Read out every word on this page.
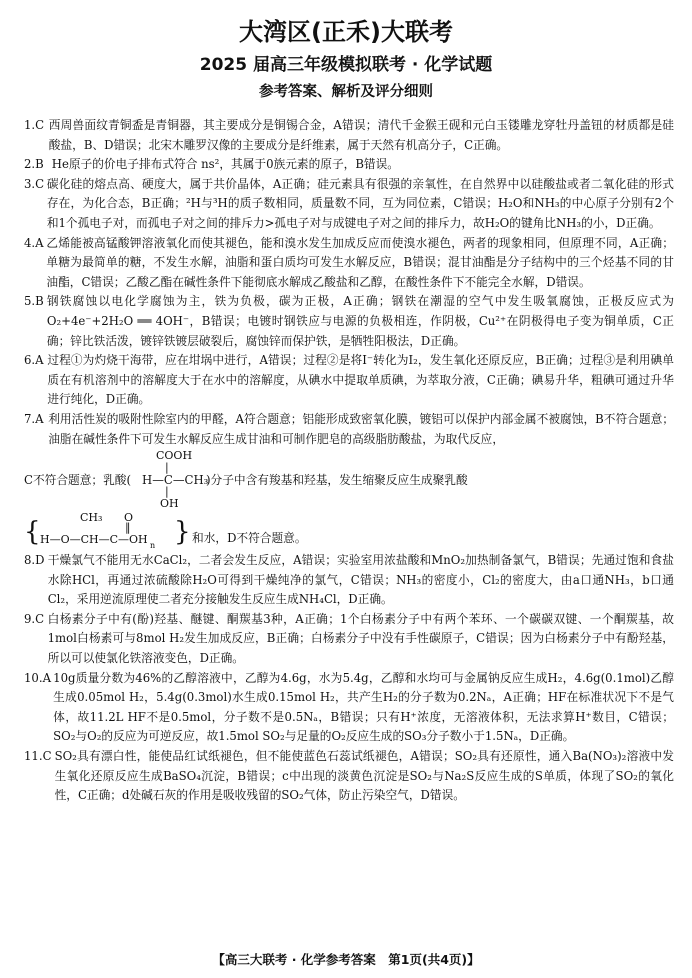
大湾区(正禾)大联考
2025 届高三年级模拟联考 · 化学试题
参考答案、解析及评分细则
1.C 西周兽面纹青铜盉是青铜器，其主要成分是铜锡合金，A错误；清代千金猴王砚和元白玉镂雕龙穿牡丹盖钮的材质都是硅酸盐，B、D错误；北宋木雕罗汉像的主要成分是纤维素，属于天然有机高分子，C正确。
2.B He原子的价电子排布式符合 ns²，其属于0族元素的原子，B错误。
3.C 碳化硅的熔点高、硬度大，属于共价晶体，A正确；硅元素具有很强的亲氧性，在自然界中以硅酸盐或者二氧化硅的形式存在，为化合态，B正确；²H与³H的质子数相同，质量数不同，互为同位素，C错误；H₂O和NH₃的中心原子分别有2个和1个孤电子对，而孤电子对之间的排斥力>孤电子对与成键电子对之间的排斥力，故H₂O的键角比NH₃的小，D正确。
4.A 乙烯能被高锰酸钾溶液氧化而使其褪色，能和溴水发生加成反应而使溴水褪色，两者的现象相同，但原理不同，A正确；单糖为最简单的糖，不发生水解，油脂和蛋白质均可发生水解反应，B错误；混甘油酯是分子结构中的三个烃基不同的甘油酯，C错误；乙酸乙酯在碱性条件下能彻底水解成乙酸盐和乙醇，在酸性条件下不能完全水解，D错误。
5.B 钢铁腐蚀以电化学腐蚀为主，铁为负极，碳为正极，A正确；钢铁在潮湿的空气中发生吸氧腐蚀，正极反应式为 O₂+4e⁻+2H₂O ══ 4OH⁻，B错误；电镀时钢铁应与电源的负极相连，作阴极，Cu²⁺在阴极得电子变为铜单质，C正确；锌比铁活泼，镀锌铁镀层破裂后，腐蚀锌而保护铁，是牺牲阳极法，D正确。
6.A 过程①为灼烧干海带，应在坩埚中进行，A错误；过程②是将I⁻转化为I₂，发生氧化还原反应，B正确；过程③是利用碘单质在有机溶剂中的溶解度大于在水中的溶解度，从碘水中提取单质碘，为萃取分液，C正确；碘易升华，粗碘可通过升华进行纯化，D正确。
7.A 利用活性炭的吸附性除室内的甲醛，A符合题意；铝能形成致密氧化膜，镀铝可以保护内部金属不被腐蚀，B不符合题意；油脂在碱性条件下可发生水解反应生成甘油和可制作肥皂的高级脂肪酸盐，为取代反应，
COOH
|
C不符合题意；乳酸( H—C—CH₃
)分子中含有羧基和羟基，发生缩聚反应生成聚乳酸
|
OH
{	CH₃ O
‖
H—O—CH—C—OH n } 和水，D不符合题意。
8.D 干燥氯气不能用无水CaCl₂，二者会发生反应，A错误；实验室用浓盐酸和MnO₂加热制备氯气，B错误；先通过饱和食盐水除HCl，再通过浓硫酸除H₂O可得到干燥纯净的氯气，C错误；NH₃的密度小，Cl₂的密度大，由a口通NH₃，b口通Cl₂，采用逆流原理使二者充分接触发生反应生成NH₄Cl，D正确。
9.C 白杨素分子中有(酚)羟基、醚键、酮羰基3种，A正确；1个白杨素分子中有两个苯环、一个碳碳双键、一个酮羰基，故1mol白杨素可与8mol H₂发生加成反应，B正确；白杨素分子中没有手性碳原子，C错误；因为白杨素分子中有酚羟基，所以可以使氯化铁溶液变色，D正确。
10.A 10g质量分数为46%的乙醇溶液中，乙醇为4.6g，水为5.4g，乙醇和水均可与金属钠反应生成H₂，4.6g(0.1mol)乙醇生成0.05mol H₂，5.4g(0.3mol)水生成0.15mol H₂，共产生H₂的分子数为0.2Nₐ，A正确；HF在标准状况下不是气体，故11.2L HF不是0.5mol，分子数不是0.5Nₐ，B错误；只有H⁺浓度，无溶液体积，无法求算H⁺数目，C错误；SO₂与O₂的反应为可逆反应，故1.5mol SO₂与足量的O₂反应生成的SO₃分子数小于1.5Nₐ，D正确。
11.C SO₂具有漂白性，能使品红试纸褪色，但不能使蓝色石蕊试纸褪色，A错误；SO₂具有还原性，通入Ba(NO₃)₂溶液中发生氧化还原反应生成BaSO₄沉淀，B错误；c中出现的淡黄色沉淀是SO₂与Na₂S反应生成的S单质，体现了SO₂的氧化性，C正确；d处碱石灰的作用是吸收残留的SO₂气体，防止污染空气，D错误。
【高三大联考 · 化学参考答案　第1页(共4页)】
